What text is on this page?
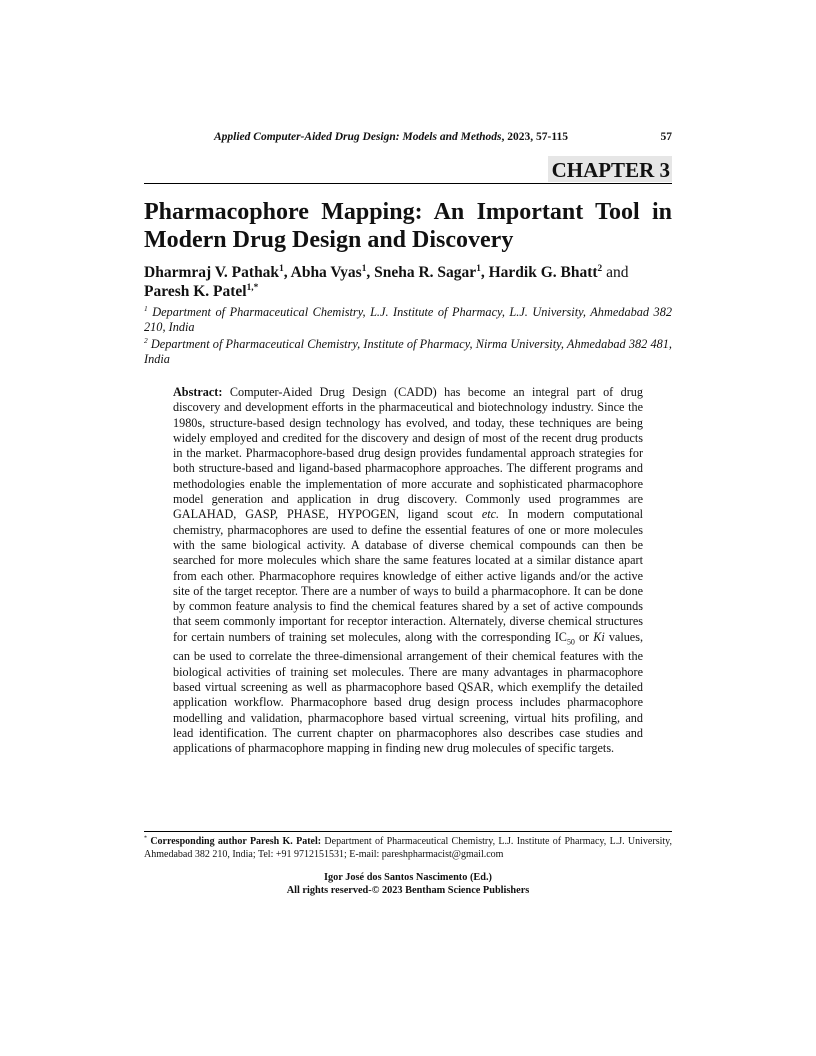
Applied Computer-Aided Drug Design: Models and Methods, 2023, 57-115	57
CHAPTER 3
Pharmacophore Mapping: An Important Tool in Modern Drug Design and Discovery

Dharmraj V. Pathak$^1$, Abha Vyas$^1$, Sneha R. Sagar$^1$, Hardik G. Bhatt$^2$ and Paresh K. Patel$^{1,*}$

$^1$ Department of Pharmaceutical Chemistry, L.J. Institute of Pharmacy, L.J. University, Ahmedabad 382 210, India

$^2$ Department of Pharmaceutical Chemistry, Institute of Pharmacy, Nirma University, Ahmedabad 382 481, India

Abstract: Computer-Aided Drug Design (CADD) has become an integral part of drug discovery and development efforts in the pharmaceutical and biotechnology industry. Since the 1980s, structure-based design technology has evolved, and today, these techniques are being widely employed and credited for the discovery and design of most of the recent drug products in the market. Pharmacophore-based drug design provides fundamental approach strategies for both structure-based and ligand-based pharmacophore approaches. The different programs and methodologies enable the implementation of more accurate and sophisticated pharmacophore model generation and application in drug discovery. Commonly used programmes are GALAHAD, GASP, PHASE, HYPOGEN, ligand scout etc. In modern computational chemistry, pharmacophores are used to define the essential features of one or more molecules with the same biological activity. A database of diverse chemical compounds can then be searched for more molecules which share the same features located at a similar distance apart from each other. Pharmacophore requires knowledge of either active ligands and/or the active site of the target receptor. There are a number of ways to build a pharmacophore. It can be done by common feature analysis to find the chemical features shared by a set of active compounds that seem commonly important for receptor interaction. Alternately, diverse chemical structures for certain numbers of training set molecules, along with the corresponding $IC_{50}$ or Ki values, can be used to correlate the three-dimensional arrangement of their chemical features with the biological activities of training set molecules. There are many advantages in pharmacophore based virtual screening as well as pharmacophore based QSAR, which exemplify the detailed application workflow. Pharmacophore based drug design process includes pharmacophore modelling and validation, pharmacophore based virtual screening, virtual hits profiling, and lead identification. The current chapter on pharmacophores also describes case studies and applications of pharmacophore mapping in finding new drug molecules of specific targets.

* Corresponding author Paresh K. Patel: Department of Pharmaceutical Chemistry, L.J. Institute of Pharmacy, L.J. University, Ahmedabad 382 210, India; Tel: +91 9712151531; E-mail: pareshpharmacist@gmail.com

Igor José dos Santos Nascimento (Ed.)
All rights reserved-© 2023 Bentham Science Publishers
